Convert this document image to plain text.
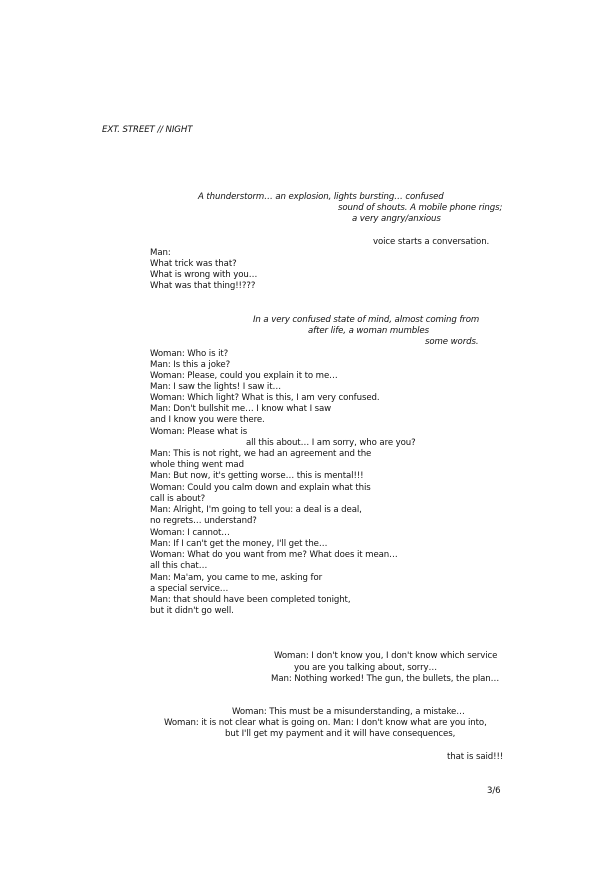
EXT. STREET // NIGHT
A thunderstorm… an explosion, lights bursting… confused
sound of shouts. A mobile phone rings;
a very angry/anxious
voice starts a conversation.
Man:
What trick was that?
What is wrong with you…
What was that thing!!???
In a very confused state of mind, almost coming from
after life, a woman mumbles
some words.
Woman: Who is it?
Man: Is this a joke?
Woman: Please, could you explain it to me…
Man: I saw the lights! I saw it…
Woman: Which light? What is this, I am very confused.
Man: Don't bullshit me… I know what I saw
and I know you were there.
Woman: Please what is
all this about… I am sorry, who are you?
Man: This is not right, we had an agreement and the
whole thing went mad
Man: But now, it's getting worse… this is mental!!!
Woman: Could you calm down and explain what this
call is about?
Man: Alright, I'm going to tell you: a deal is a deal,
no regrets… understand?
Woman: I cannot…
Man: If I can't get the money, I'll get the…
Woman: What do you want from me? What does it mean…
all this chat…
Man: Ma'am, you came to me, asking for
a special service…
Man: that should have been completed tonight,
but it didn't go well.
Woman: I don't know you, I don't know which service
you are you talking about, sorry…
Man: Nothing worked! The gun, the bullets, the plan…
Woman: This must be a misunderstanding, a mistake…
Woman: it is not clear what is going on. Man: I don't know what are you into,
but I'll get my payment and it will have consequences,
that is said!!!
3/6
